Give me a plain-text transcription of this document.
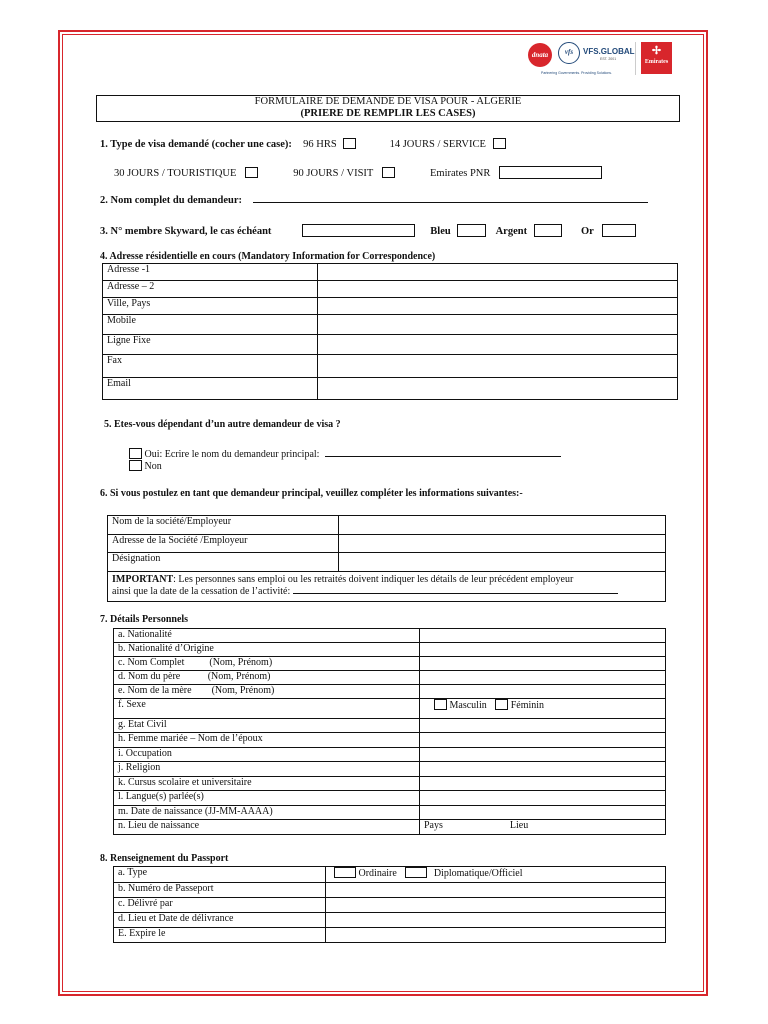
dnata	vfs	VFS.GLOBAL
EST. 2001
Partnering Governments. Providing Solutions.
✢
Emirates
FORMULAIRE DE DEMANDE DE VISA POUR - ALGERIE
(PRIERE DE REMPLIR LES CASES)
1. Type de visa demandé (cocher une case): 96 HRS	14 JOURS / SERVICE
30 JOURS / TOURISTIQUE	90 JOURS / VISIT	Emirates PNR
2. Nom complet du demandeur:
3. N° membre Skyward, le cas échéant	Bleu	Argent	Or
4. Adresse résidentielle en cours (Mandatory Information for Correspondence)
Adresse -1	
Adresse – 2	
Ville, Pays	
Mobile	
Ligne Fixe	
Fax	
Email	
5. Etes-vous dépendant d’un autre demandeur de visa ?
Oui: Ecrire le nom du demandeur principal:
Non
6. Si vous postulez en tant que demandeur principal, veuillez compléter les informations suivantes:-
Nom de la société/Employeur	
Adresse de la Société /Employeur	
Désignation	
IMPORTANT: Les personnes sans emploi ou les retraités doivent indiquer les détails de leur précédent employeur
ainsi que la date de la cessation de l’activité:	
7. Détails Personnels
a. Nationalité	
b. Nationalité d’Origine	
c. Nom Complet          (Nom, Prénom)	
d. Nom du père           (Nom, Prénom)	
e. Nom de la mère        (Nom, Prénom)	
f. Sexe	Masculin Féminin
g. Etat Civil	
h. Femme mariée – Nom de l’époux	
i. Occupation	
j. Religion	
k. Cursus scolaire et universitaire	
l. Langue(s) parlée(s)	
m. Date de naissance (JJ-MM-AAAA)	
n. Lieu de naissance	Pays Lieu
8. Renseignement du Passport
a. Type	Ordinaire Diplomatique/Officiel
b. Numéro de Passeport	
c. Délivré par	
d. Lieu et Date de délivrance	
E. Expire le	
